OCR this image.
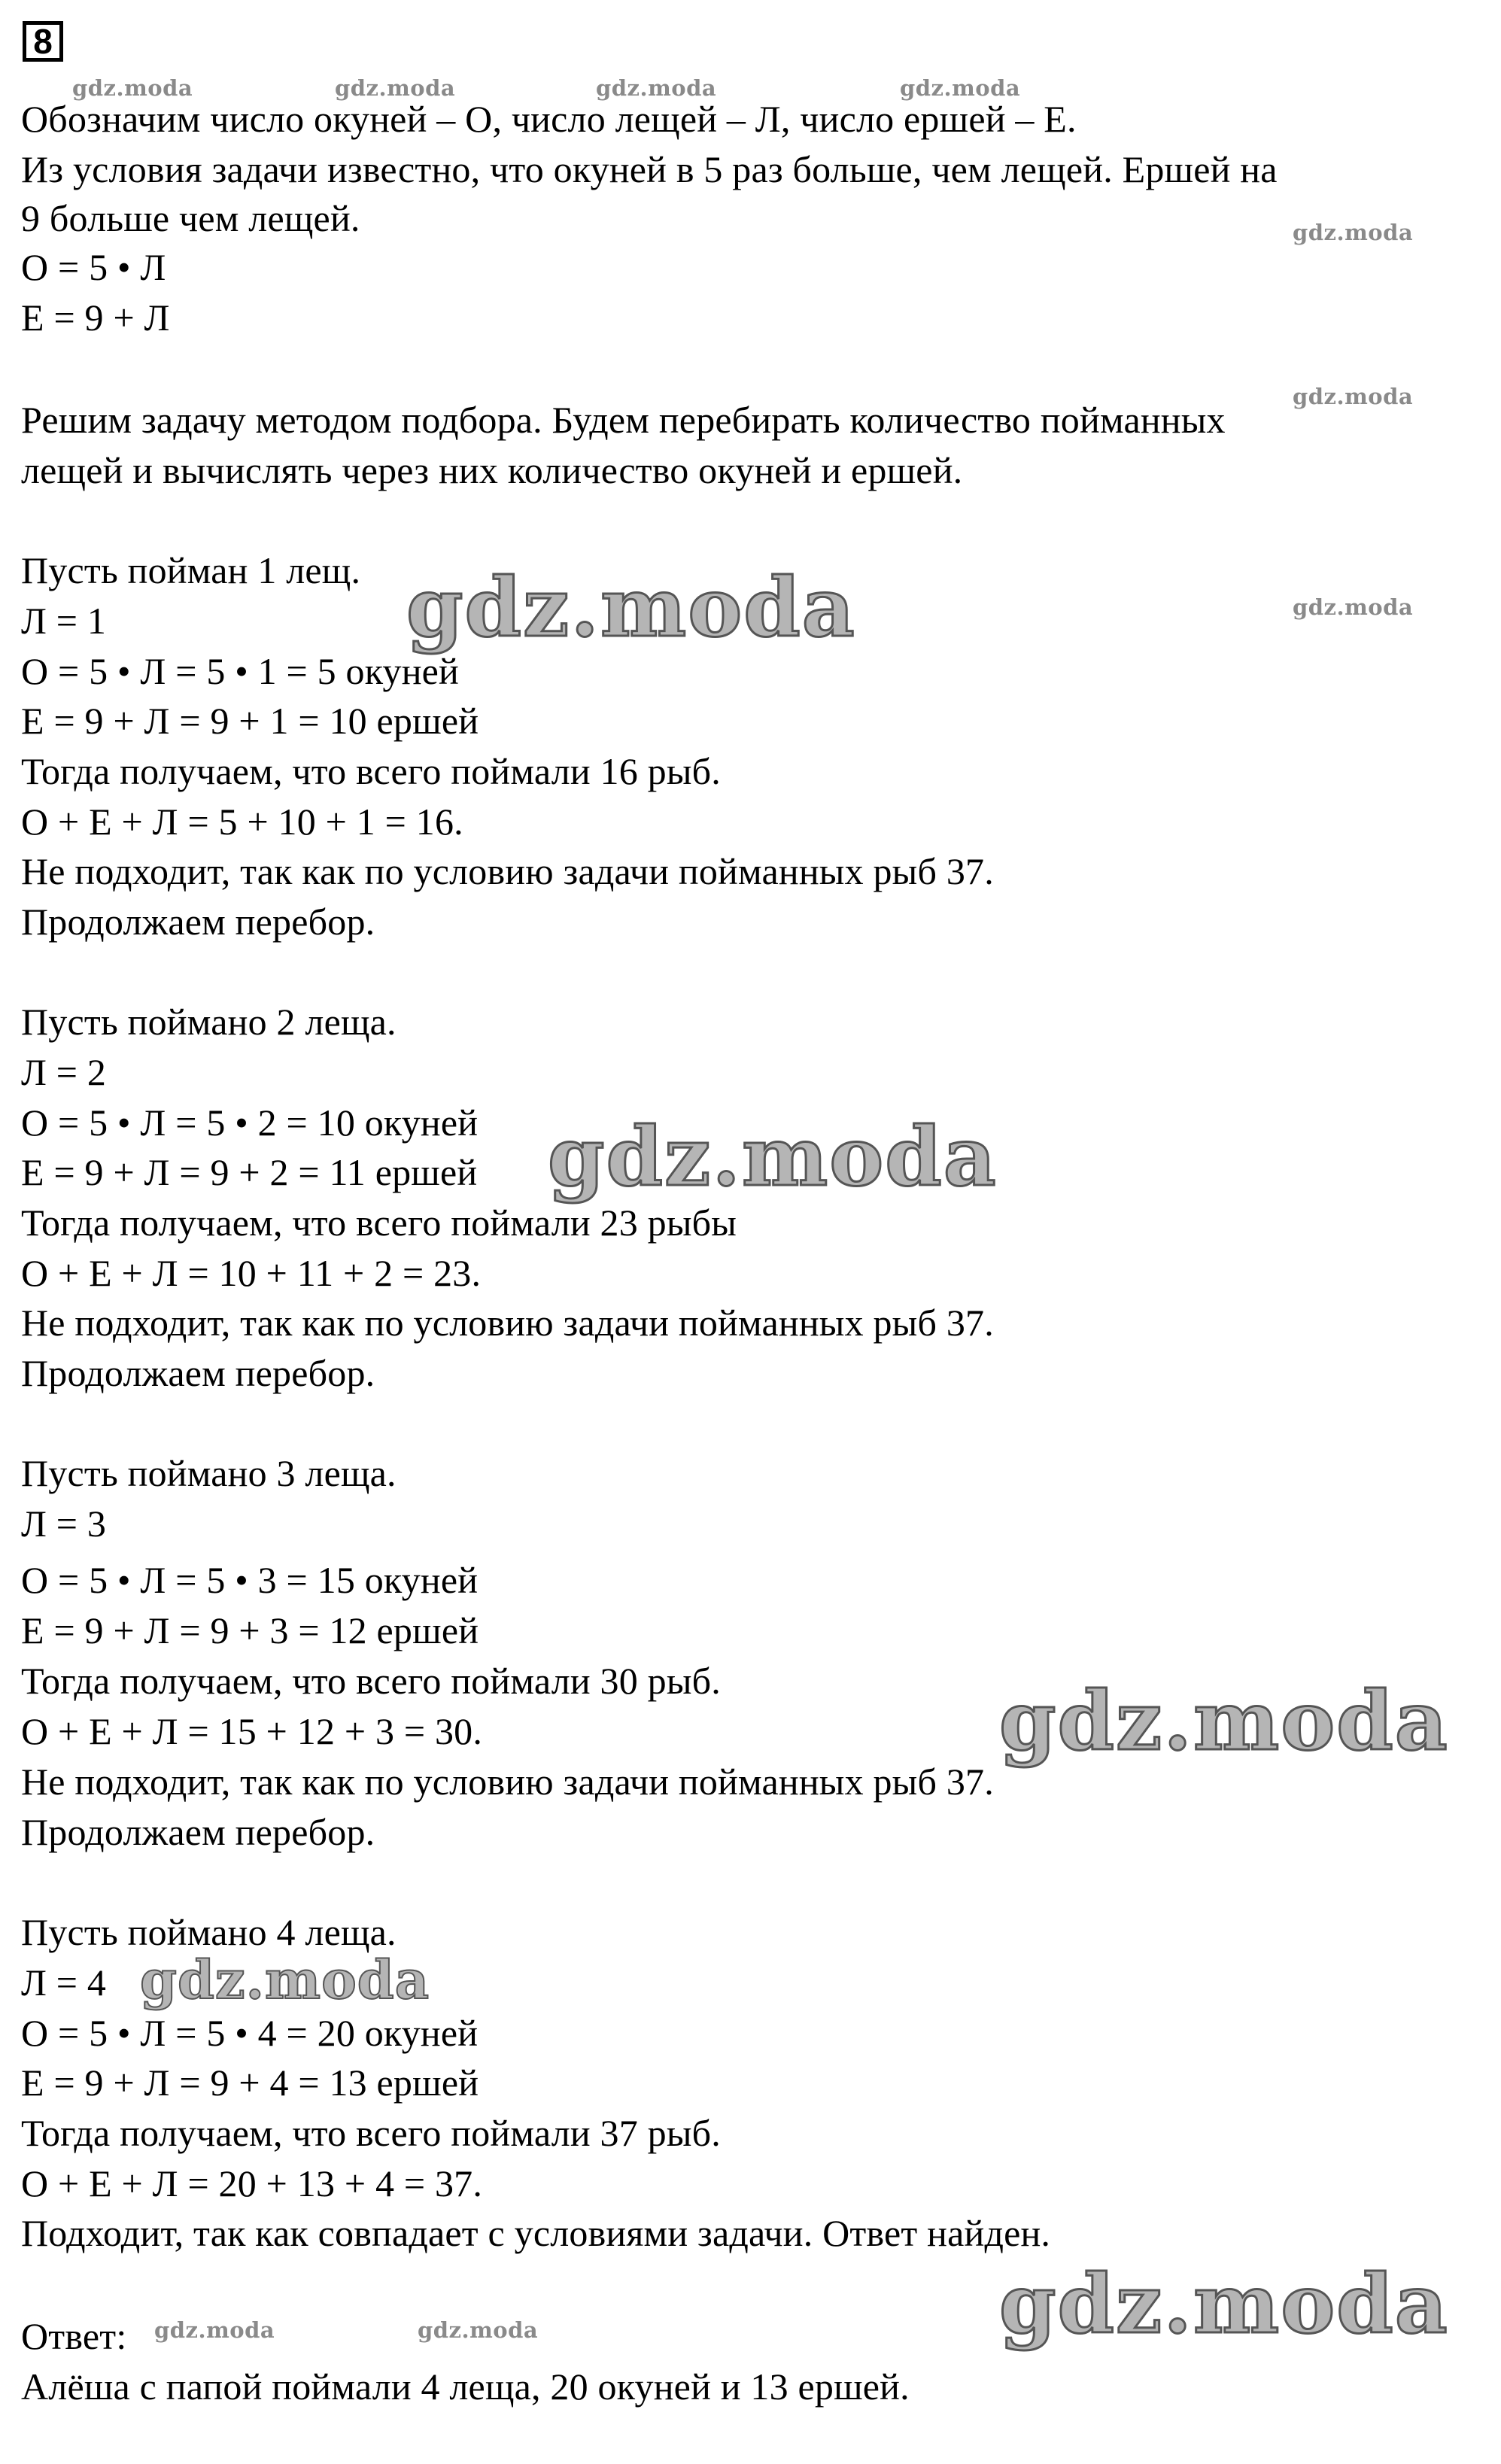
8
Обозначим число окуней – О, число лещей – Л, число ершей – Е.
Из условия задачи известно, что окуней в 5 раз больше, чем лещей. Ершей на
9 больше чем лещей.
О = 5 • Л
Е = 9 + Л
Решим задачу методом подбора. Будем перебирать количество пойманных
лещей и вычислять через них количество окуней и ершей.
Пусть пойман 1 лещ.
Л = 1
О = 5 • Л = 5 • 1 = 5 окуней
Е = 9 + Л = 9 + 1 = 10 ершей
Тогда получаем, что всего поймали 16 рыб.
О + Е + Л = 5 + 10 + 1 = 16.
Не подходит, так как по условию задачи пойманных рыб 37.
Продолжаем перебор.
Пусть поймано 2 леща.
Л = 2
О = 5 • Л = 5 • 2 = 10 окуней
Е = 9 + Л = 9 + 2 = 11 ершей
Тогда получаем, что всего поймали 23 рыбы
О + Е + Л = 10 + 11 + 2 = 23.
Не подходит, так как по условию задачи пойманных рыб 37.
Продолжаем перебор.
Пусть поймано 3 леща.
Л = 3
О = 5 • Л = 5 • 3 = 15 окуней
Е = 9 + Л = 9 + 3 = 12 ершей
Тогда получаем, что всего поймали 30 рыб.
О + Е + Л = 15 + 12 + 3 = 30.
Не подходит, так как по условию задачи пойманных рыб 37.
Продолжаем перебор.
Пусть поймано 4 леща.
Л = 4
О = 5 • Л = 5 • 4 = 20 окуней
Е = 9 + Л = 9 + 4 = 13 ершей
Тогда получаем, что всего поймали 37 рыб.
О + Е + Л = 20 + 13 + 4 = 37.
Подходит, так как совпадает с условиями задачи. Ответ найден.
Ответ:
Алёша с папой поймали 4 леща, 20 окуней и 13 ершей.
gdz.moda	gdz.moda	gdz.moda	gdz.moda
gdz.moda
gdz.moda
gdz.moda
gdz.moda	gdz.moda
gdz.moda
gdz.moda
gdz.moda
gdz.moda
gdz.moda
